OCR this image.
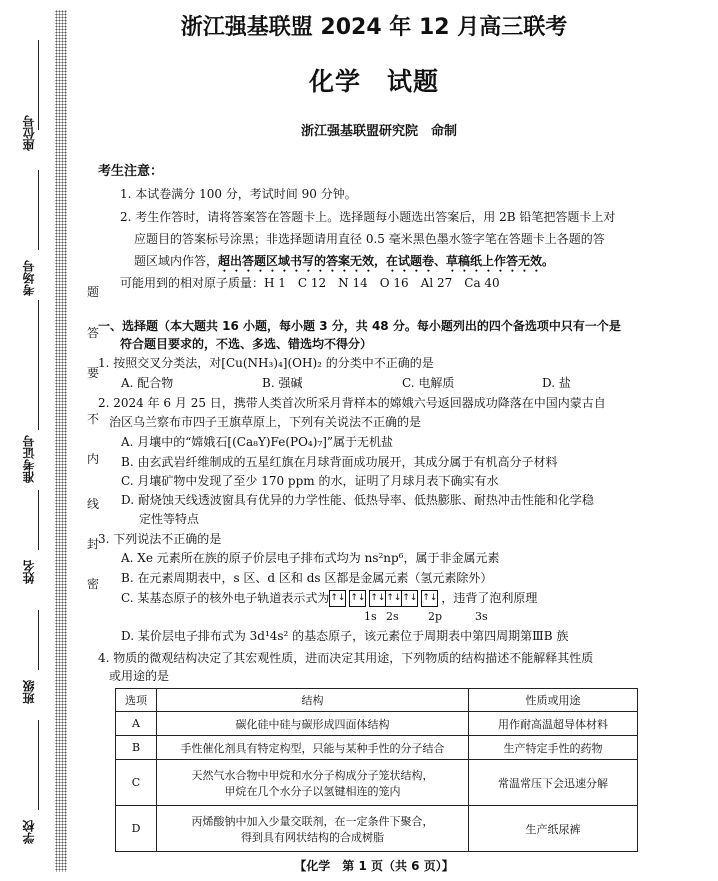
座位号
考场号
准考证号
姓名
班级
学校
题
答
要
不
内
线
封
密
浙江强基联盟 2024 年 12 月高三联考
化学　试题
浙江强基联盟研究院　命制
考生注意：
1. 本试卷满分 100 分，考试时间 90 分钟。
2. 考生作答时，请将答案答在答题卡上。选择题每小题选出答案后，用 2B 铅笔把答题卡上对
应题目的答案标号涂黑；非选择题请用直径 0.5 毫米黑色墨水签字笔在答题卡上各题的答
题区域内作答，超出答题区域书写的答案无效，在试题卷、草稿纸上作答无效。
可能用到的相对原子质量：H 1　C 12　N 14　O 16　Al 27　Ca 40
一、选择题（本大题共 16 小题，每小题 3 分，共 48 分。每小题列出的四个备选项中只有一个是
符合题目要求的，不选、多选、错选均不得分）
1. 按照交叉分类法，对[Cu(NH₃)₄](OH)₂ 的分类中不正确的是
A. 配合物	B. 强碱	C. 电解质	D. 盐
2. 2024 年 6 月 25 日，携带人类首次所采月背样本的嫦娥六号返回器成功降落在中国内蒙古自
治区乌兰察布市四子王旗草原上，下列有关说法不正确的是
A. 月壤中的“嫦娥石[(Ca₈Y)Fe(PO₄)₇]”属于无机盐
B. 由玄武岩纤维制成的五星红旗在月球背面成功展开，其成分属于有机高分子材料
C. 月壤矿物中发现了至少 170 ppm 的水，证明了月球月表下确实有水
D. 耐烧蚀天线透波窗具有优异的力学性能、低热导率、低热膨胀、耐热冲击性能和化学稳
定性等特点
3. 下列说法不正确的是
A. Xe 元素所在族的原子价层电子排布式均为 ns²np⁶，属于非金属元素
B. 在元素周期表中，s 区、d 区和 ds 区都是金属元素（氢元素除外）
C. 某基态原子的核外电子轨道表示式为↑↓ ↑↓ ↑↓↑↓↑↓ ↑↓ ，违背了泡利原理
1s 2s	2p	3s
D. 某价层电子排布式为 3d¹4s² 的基态原子，该元素位于周期表中第四周期第ⅢB 族
4. 物质的微观结构决定了其宏观性质，进而决定其用途，下列物质的结构描述不能解释其性质
或用途的是
选项	结构	性质或用途
A	碳化硅中硅与碳形成四面体结构	用作耐高温超导体材料
B	手性催化剂具有特定构型，只能与某种手性的分子结合	生产特定手性的药物
C	天然气水合物中甲烷和水分子构成分子笼状结构，
甲烷在几个水分子以氢键相连的笼内	常温常压下会迅速分解
D	丙烯酸钠中加入少量交联剂，在一定条件下聚合，
得到具有网状结构的合成树脂	生产纸尿裤
【化学　第 1 页（共 6 页）】
